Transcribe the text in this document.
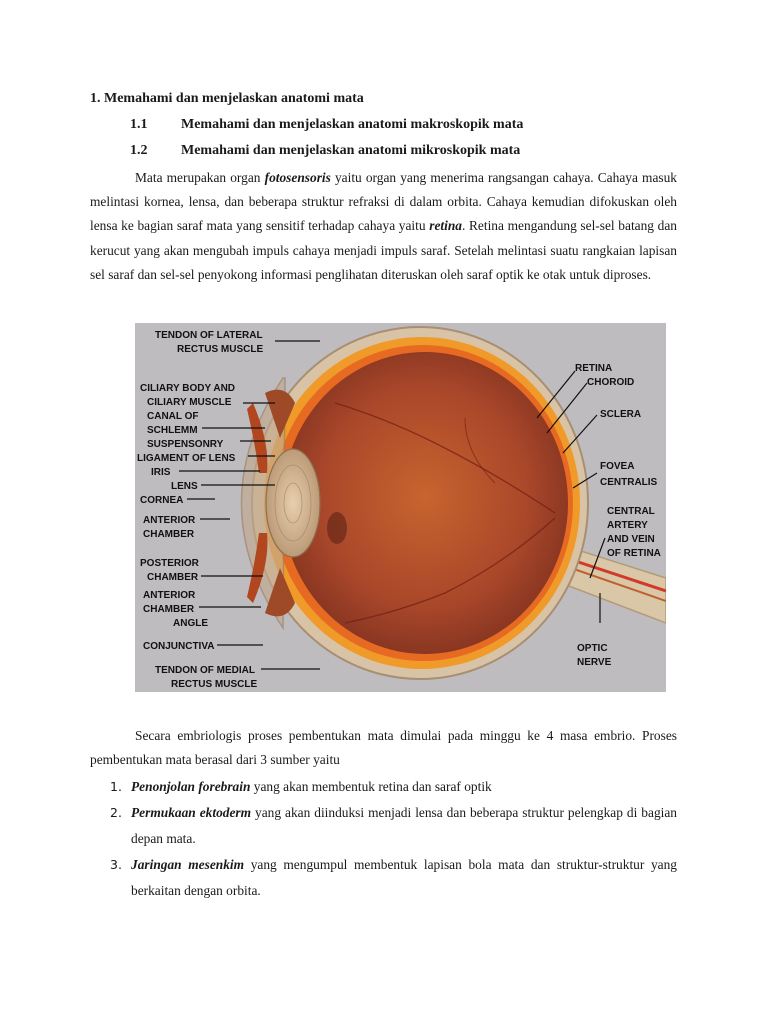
1. Memahami dan menjelaskan anatomi mata
1.1 Memahami dan menjelaskan anatomi makroskopik mata
1.2 Memahami dan menjelaskan anatomi mikroskopik mata
Mata merupakan organ fotosensoris yaitu organ yang menerima rangsangan cahaya. Cahaya masuk melintasi kornea, lensa, dan beberapa struktur refraksi di dalam orbita. Cahaya kemudian difokuskan oleh lensa ke bagian saraf mata yang sensitif terhadap cahaya yaitu retina. Retina mengandung sel-sel batang dan kerucut yang akan mengubah impuls cahaya menjadi impuls saraf. Setelah melintasi suatu rangkaian lapisan sel saraf dan sel-sel penyokong informasi penglihatan diteruskan oleh saraf optik ke otak untuk diproses.
TENDON OF LATERAL
RECTUS MUSCLE
CILIARY BODY AND
CILIARY MUSCLE
CANAL OF
SCHLEMM
SUSPENSONRY
LIGAMENT OF LENS
IRIS
LENS
CORNEA
ANTERIOR
CHAMBER
POSTERIOR
CHAMBER
ANTERIOR
CHAMBER
ANGLE
CONJUNCTIVA
TENDON OF MEDIAL
RECTUS MUSCLE
RETINA
CHOROID
SCLERA
FOVEA
CENTRALIS
CENTRAL
ARTERY
AND VEIN
OF RETINA
OPTIC
NERVE
Secara embriologis proses pembentukan mata dimulai pada minggu ke 4 masa embrio. Proses pembentukan mata berasal dari 3 sumber yaitu
1. Penonjolan forebrain yang akan membentuk retina dan saraf optik
2. Permukaan ektoderm yang akan diinduksi menjadi lensa dan beberapa struktur pelengkap di bagian depan mata.
3. Jaringan mesenkim yang mengumpul membentuk lapisan bola mata dan struktur-struktur yang berkaitan dengan orbita.
